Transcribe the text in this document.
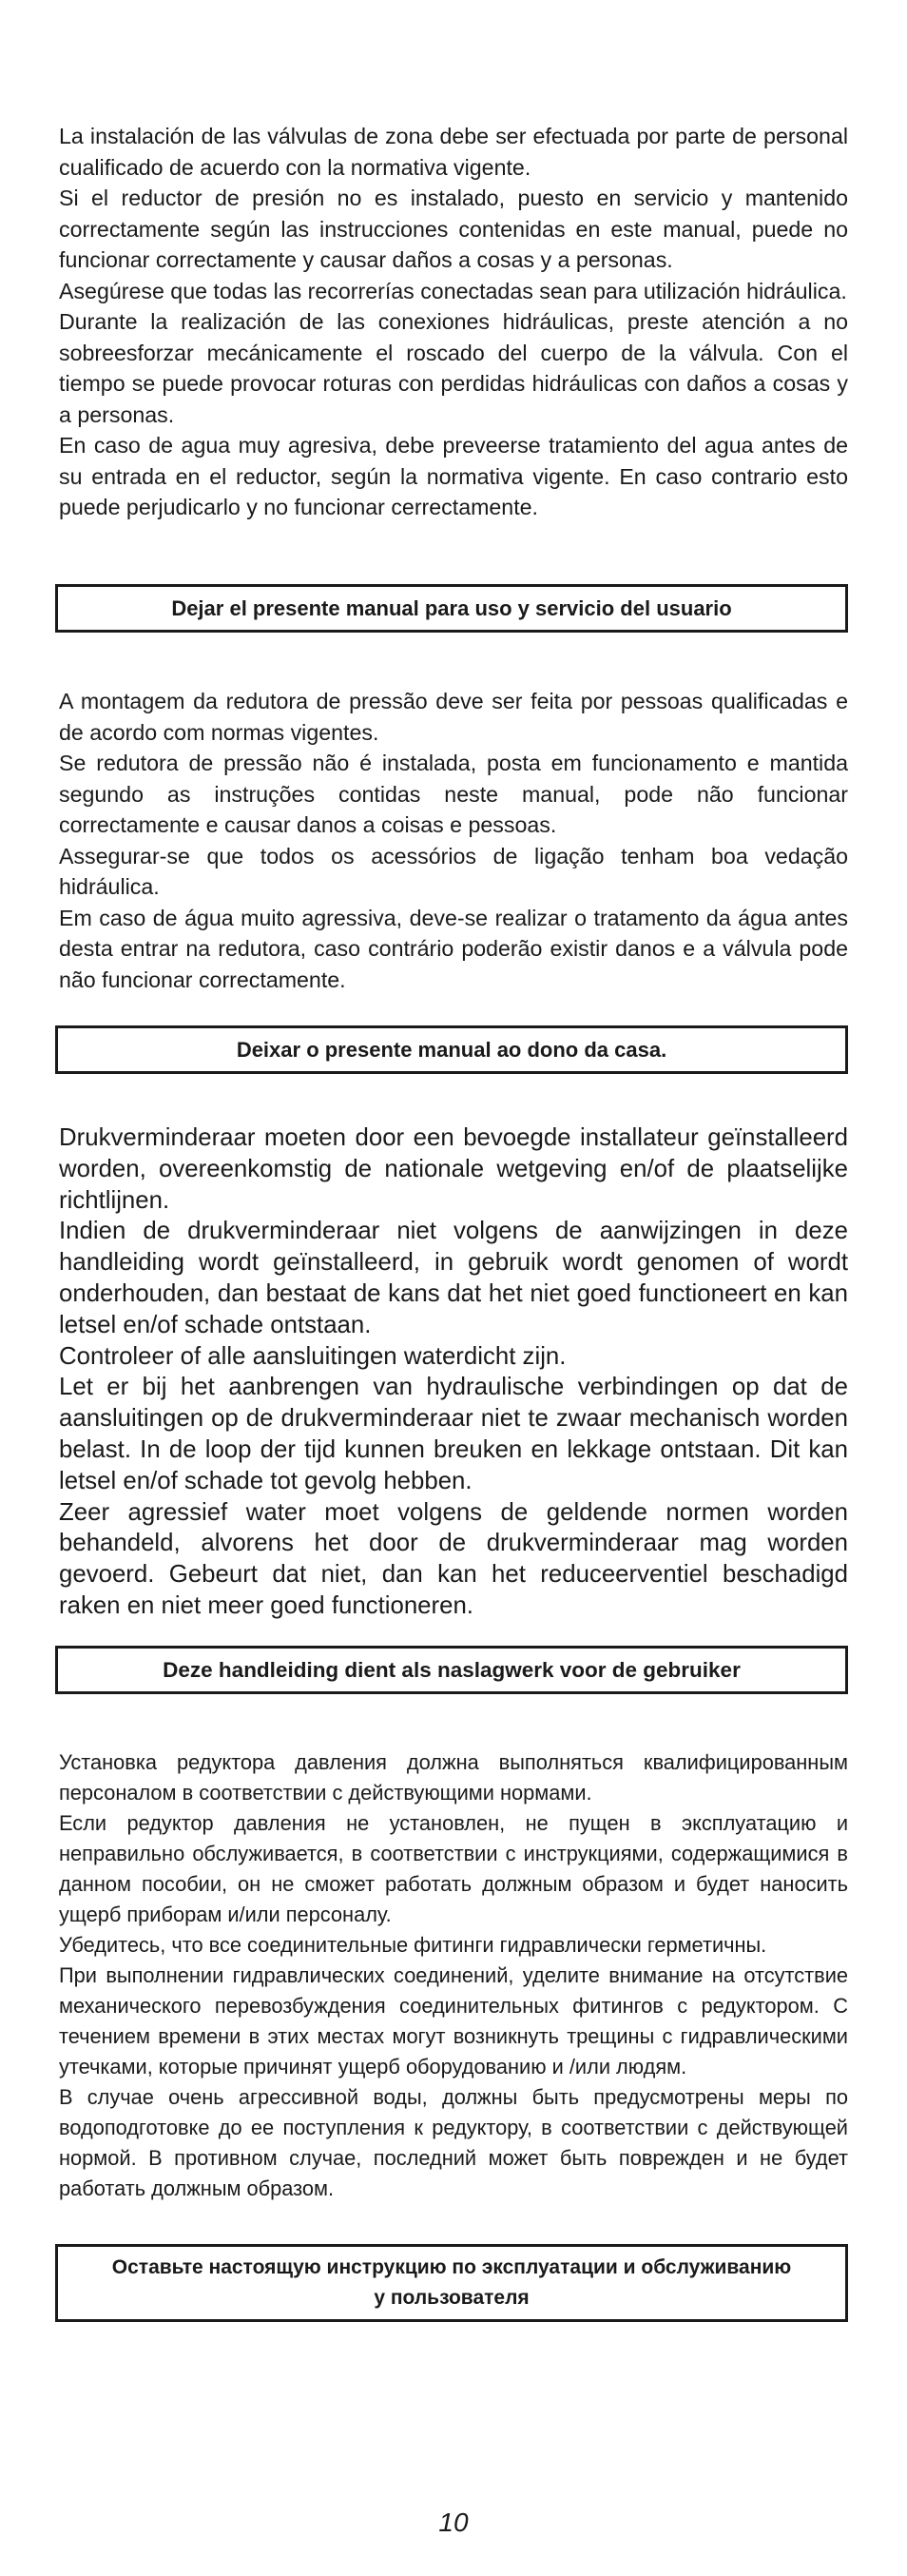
La instalación de las válvulas de zona debe ser efectuada por parte de personal cualificado de acuerdo con la normativa vigente.

Si el reductor de presión no es instalado, puesto en servicio y mantenido correctamente según las instrucciones contenidas en este manual, puede no funcionar correctamente y causar daños a cosas y a personas.

Asegúrese que todas las recorrerías conectadas sean para utilización hidráulica.

Durante la realización de las conexiones hidráulicas, preste atención a no sobreesforzar mecánicamente el roscado del cuerpo de la válvula. Con el tiempo se puede provocar roturas con perdidas hidráulicas con daños a cosas y a personas.

En caso de agua muy agresiva, debe preveerse tratamiento del agua antes de su entrada en el reductor, según la normativa vigente. En caso contrario esto puede perjudicarlo y no funcionar cerrectamente.

Dejar el presente manual para uso y servicio del usuario

A montagem da redutora de pressão deve ser feita por pessoas qualificadas e de acordo com normas vigentes.

Se redutora de pressão não é instalada, posta em funcionamento e mantida segundo as instruções contidas neste manual, pode não funcionar correctamente e causar danos a coisas e pessoas.

Assegurar-se que todos os acessórios de ligação tenham boa vedação hidráulica.

Em caso de água muito agressiva, deve-se realizar o tratamento da água antes desta entrar na redutora, caso contrário poderão existir danos e a válvula pode não funcionar correctamente.

Deixar o presente manual ao dono da casa.

Drukverminderaar moeten door een bevoegde installateur geïnstalleerd worden, overeenkomstig de nationale wetgeving en/of de plaatselijke richtlijnen.

Indien de drukverminderaar niet volgens de aanwijzingen in deze handleiding wordt geïnstalleerd, in gebruik wordt genomen of wordt onderhouden, dan bestaat de kans dat het niet goed functioneert en kan letsel en/of schade ontstaan.

Controleer of alle aansluitingen waterdicht zijn.

Let er bij het aanbrengen van hydraulische verbindingen op dat de aansluitingen op de drukverminderaar niet te zwaar mechanisch worden belast. In de loop der tijd kunnen breuken en lekkage ontstaan. Dit kan letsel en/of schade tot gevolg hebben.

Zeer agressief water moet volgens de geldende normen worden behandeld, alvorens het door de drukverminderaar mag worden gevoerd. Gebeurt dat niet, dan kan het reduceerventiel beschadigd raken en niet meer goed functioneren.

Deze handleiding dient als naslagwerk voor de gebruiker

Установка редуктора давления должна выполняться квалифицированным персоналом в соответствии с действующими нормами.

Если редуктор давления не установлен, не пущен в эксплуатацию и неправильно обслуживается, в соответствии с инструкциями, содержащимися в данном пособии, он не сможет работать должным образом и будет наносить ущерб приборам и/или персоналу.

Убедитесь, что все соединительные фитинги гидравлически герметичны.

При выполнении гидравлических соединений, уделите внимание на отсутствие механического перевозбуждения соединительных фитингов с редуктором. С течением времени в этих местах могут возникнуть трещины с гидравлическими утечками, которые причинят ущерб оборудованию и /или людям.

В случае очень агрессивной воды, должны быть предусмотрены меры по водоподготовке до ее поступления к редуктору, в соответствии с действующей нормой. В противном случае, последний может быть поврежден и не будет работать должным образом.

Оставьте настоящую инструкцию по эксплуатации и обслуживанию
у пользователя
10
